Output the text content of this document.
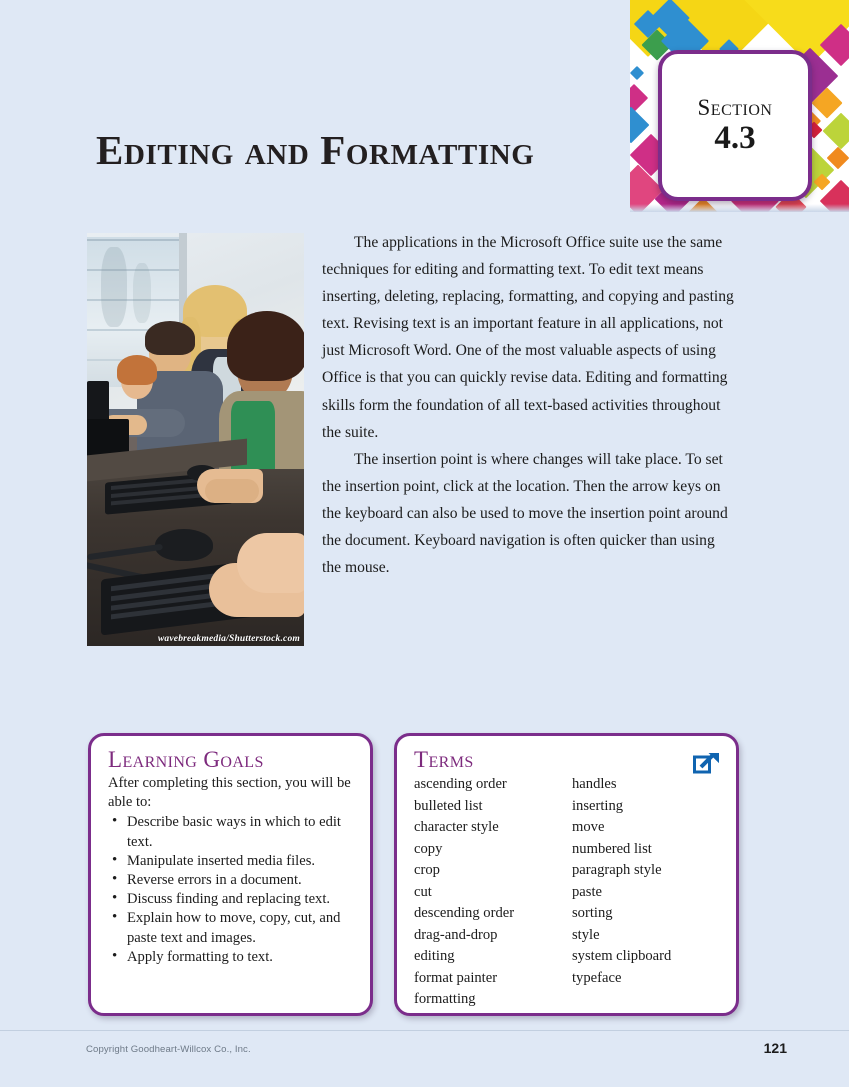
Section
4.3
Editing and Formatting
wavebreakmedia/Shutterstock.com

The applications in the Microsoft Office suite use the same techniques for editing and formatting text. To edit text means inserting, deleting, replacing, formatting, and copying and pasting text. Revising text is an important feature in all applications, not just Microsoft Word. One of the most valuable aspects of using Office is that you can quickly revise data. Editing and formatting skills form the foundation of all text-based activities throughout the suite.

The insertion point is where changes will take place. To set the insertion point, click at the location. Then the arrow keys on the keyboard can also be used to move the insertion point around the document. Keyboard navigation is often quicker than using the mouse.

Learning Goals

After completing this section, you will be able to:

• Describe basic ways in which to edit text.
• Manipulate inserted media files.
• Reverse errors in a document.
• Discuss finding and replacing text.
• Explain how to move, copy, cut, and paste text and images.
• Apply formatting to text.
Terms
ascending order
bulleted list
character style
copy
crop
cut
descending order
drag-and-drop
editing
format painter
formatting
handles
inserting
move
numbered list
paragraph style
paste
sorting
style
system clipboard
typeface
Copyright Goodheart-Willcox Co., Inc.	121
